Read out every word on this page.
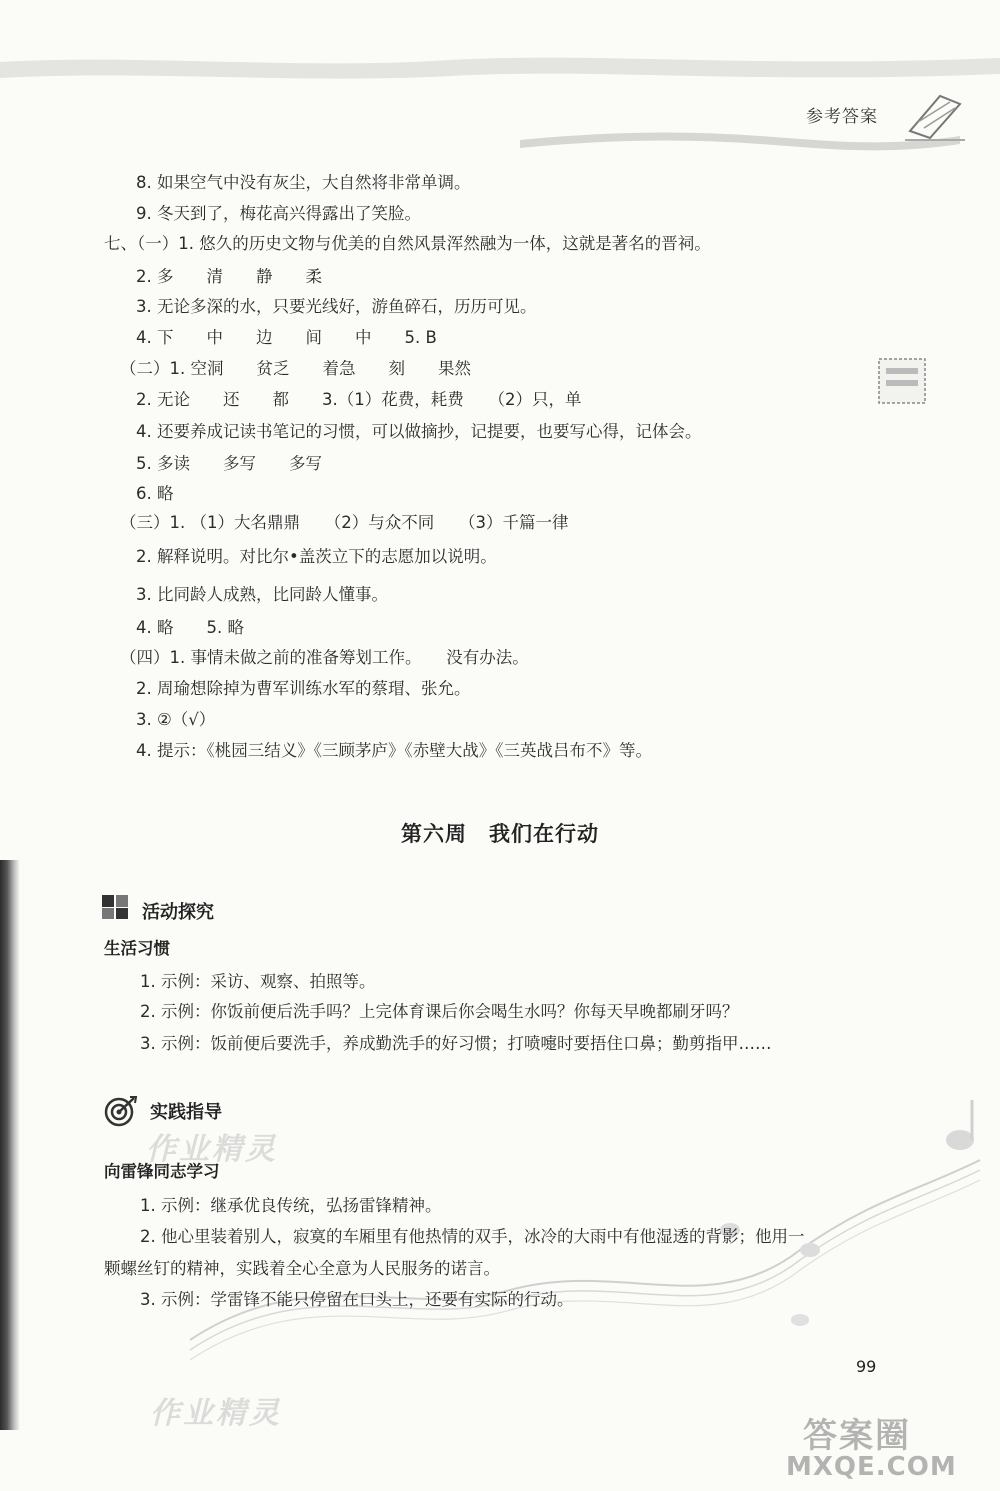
参考答案
8. 如果空气中没有灰尘，大自然将非常单调。
9. 冬天到了，梅花高兴得露出了笑脸。
七、（一）1. 悠久的历史文物与优美的自然风景浑然融为一体，这就是著名的晋祠。
2. 多　　清　　静　　柔
3. 无论多深的水，只要光线好，游鱼碎石，历历可见。
4. 下　　中　　边　　间　　中　　5. B
（二）1. 空洞　　贫乏　　着急　　刻　　果然
2. 无论　　还　　都　　3.（1）花费，耗费　　（2）只，单
4. 还要养成记读书笔记的习惯，可以做摘抄，记提要，也要写心得，记体会。
5. 多读　　多写　　多写
6. 略
（三）1. （1）大名鼎鼎　　（2）与众不同　　（3）千篇一律
2. 解释说明。对比尔•盖茨立下的志愿加以说明。
3. 比同龄人成熟，比同龄人懂事。
4. 略　　5. 略
（四）1. 事情未做之前的准备筹划工作。　　没有办法。
2. 周瑜想除掉为曹军训练水军的蔡瑁、张允。
3. ②（√）
4. 提示：《桃园三结义》《三顾茅庐》《赤壁大战》《三英战吕布不》等。
第六周　我们在行动
活动探究
生活习惯
1. 示例：采访、观察、拍照等。
2. 示例：你饭前便后洗手吗？上完体育课后你会喝生水吗？你每天早晚都刷牙吗？
3. 示例：饭前便后要洗手，养成勤洗手的好习惯；打喷嚏时要捂住口鼻；勤剪指甲……
实践指导
向雷锋同志学习
1. 示例：继承优良传统，弘扬雷锋精神。
2. 他心里装着别人，寂寞的车厢里有他热情的双手，冰冷的大雨中有他湿透的背影；他用一
颗螺丝钉的精神，实践着全心全意为人民服务的诺言。
3. 示例：学雷锋不能只停留在口头上，还要有实际的行动。
作业精灵
作业精灵
99
答案圈
MXQE.COM
